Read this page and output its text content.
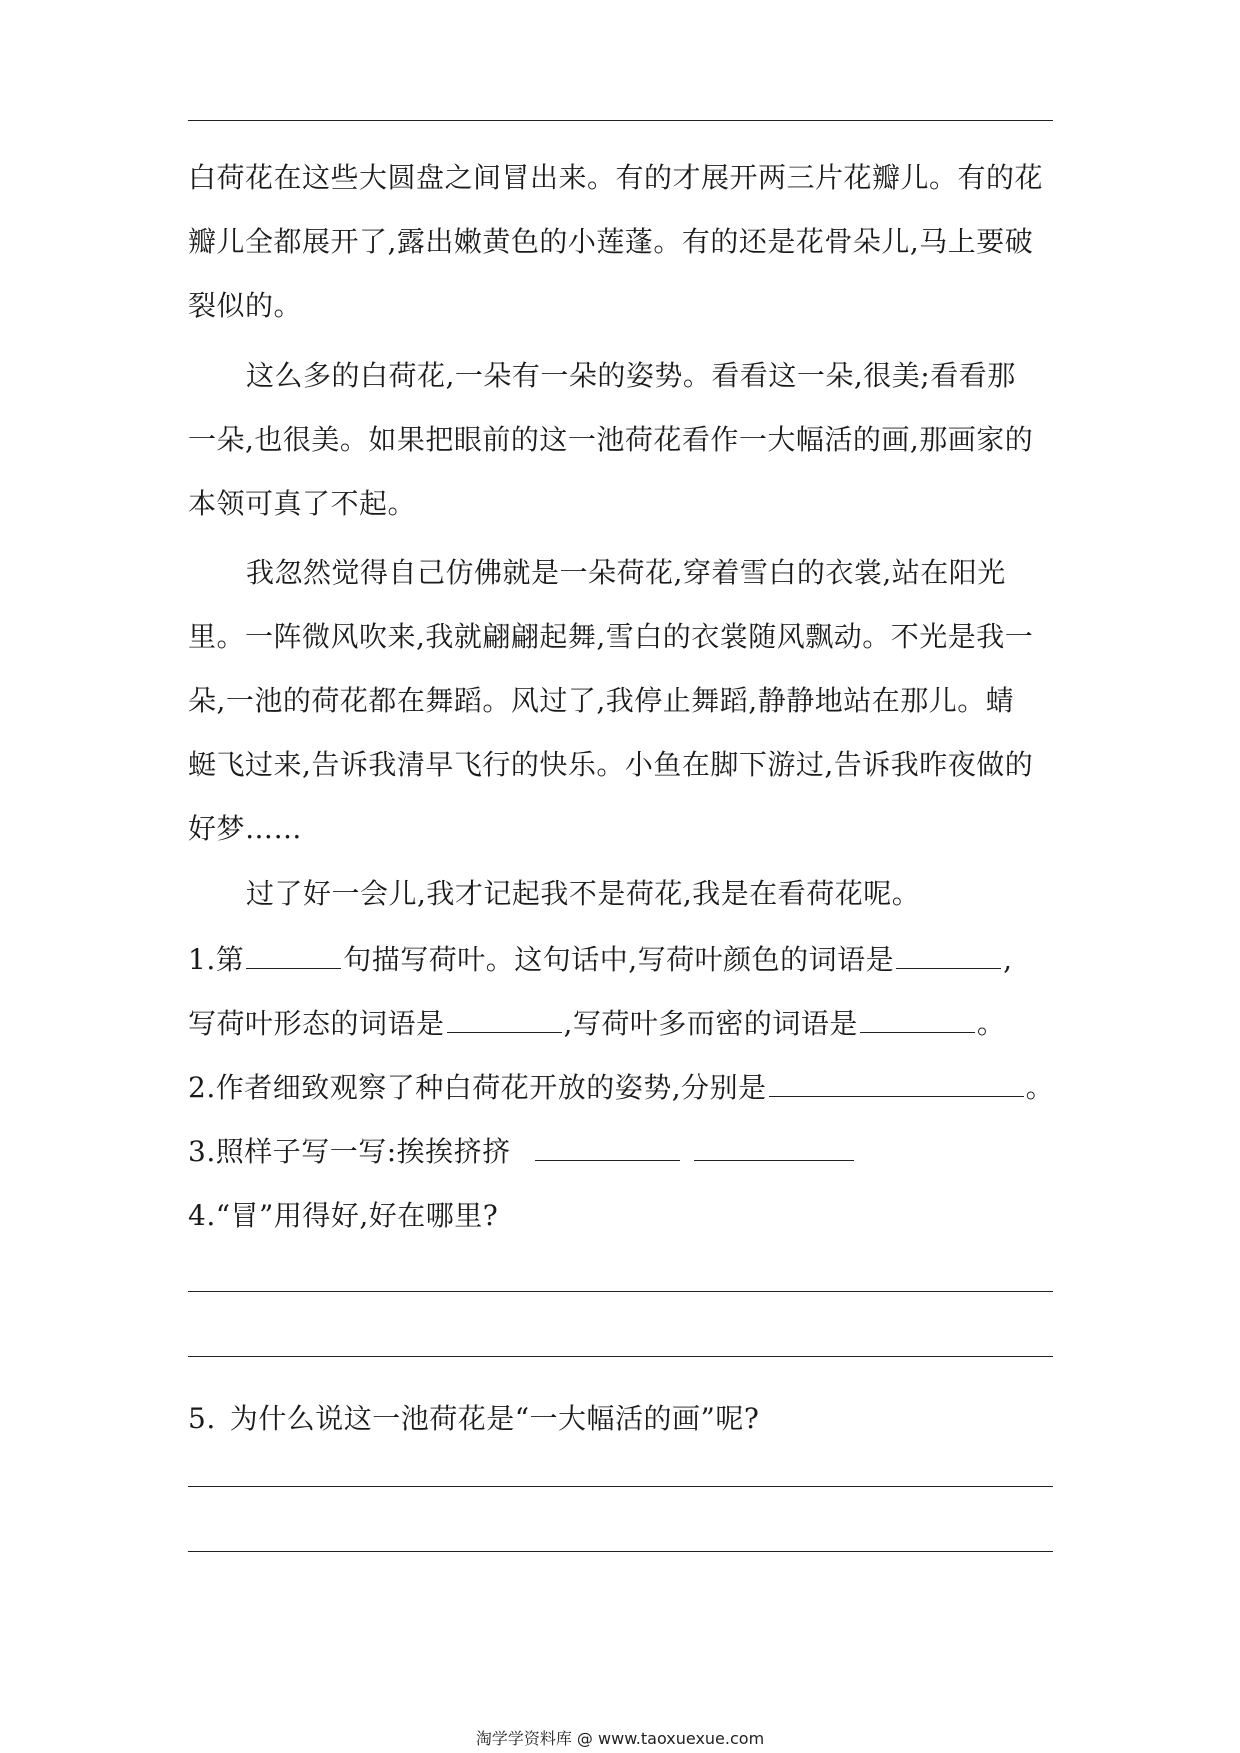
白荷花在这些大圆盘之间冒出来。有的才展开两三片花瓣儿。有的花
瓣儿全都展开了,露出嫩黄色的小莲蓬。有的还是花骨朵儿,马上要破
裂似的。
这么多的白荷花,一朵有一朵的姿势。看看这一朵,很美;看看那
一朵,也很美。如果把眼前的这一池荷花看作一大幅活的画,那画家的
本领可真了不起。
我忽然觉得自己仿佛就是一朵荷花,穿着雪白的衣裳,站在阳光
里。一阵微风吹来,我就翩翩起舞,雪白的衣裳随风飘动。不光是我一
朵,一池的荷花都在舞蹈。风过了,我停止舞蹈,静静地站在那儿。蜻
蜓飞过来,告诉我清早飞行的快乐。小鱼在脚下游过,告诉我昨夜做的
好梦……
过了好一会儿,我才记起我不是荷花,我是在看荷花呢。
1.第	句描写荷叶。这句话中,写荷叶颜色的词语是	,
写荷叶形态的词语是	,写荷叶多而密的词语是	。
2.作者细致观察了种白荷花开放的姿势,分别是	。
3.照样子写一写:挨挨挤挤
4.“冒”用得好,好在哪里?
5. 为什么说这一池荷花是“一大幅活的画”呢?
淘学学资料库 @ www.taoxuexue.com
